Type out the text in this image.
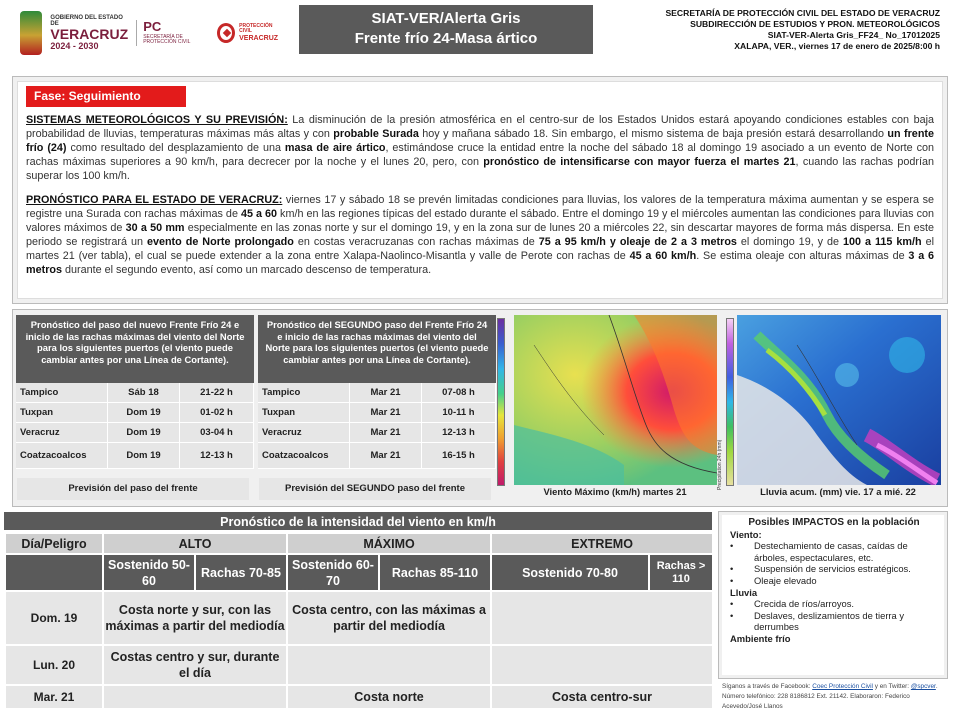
GOBIERNO DEL ESTADO DE
VERACRUZ
2024 - 2030
PC
SECRETARÍA DE PROTECCIÓN CIVIL
PROTECCIÓN CIVIL
VERACRUZ
SIAT-VER/Alerta Gris
Frente frío 24-Masa ártico
SECRETARÍA DE PROTECCIÓN CIVIL DEL ESTADO DE VERACRUZ
SUBDIRECCIÓN DE ESTUDIOS Y PRON. METEOROLÓGICOS
SIAT-VER-Alerta Gris_FF24_ No_17012025
XALAPA, VER., viernes 17 de enero de 2025/8:00 h
Fase: Seguimiento

SISTEMAS METEOROLÓGICOS Y SU PREVISIÓN: La disminución de la presión atmosférica en el centro-sur de los Estados Unidos estará apoyando condiciones estables con baja probabilidad de lluvias, temperaturas máximas más altas y con probable Surada hoy y mañana sábado 18. Sin embargo, el mismo sistema de baja presión estará desarrollando un frente frío (24) como resultado del desplazamiento de una masa de aire ártico, estimándose cruce la entidad entre la noche del sábado 18 al domingo 19 asociado a un evento de Norte con rachas máximas superiores a 90 km/h, para decrecer por la noche y el lunes 20, pero, con pronóstico de intensificarse con mayor fuerza el martes 21, cuando las rachas podrían superar los 100 km/h.

PRONÓSTICO PARA EL ESTADO DE VERACRUZ: viernes 17 y sábado 18 se prevén limitadas condiciones para lluvias, los valores de la temperatura máxima aumentan y se espera se registre una Surada con rachas máximas de 45 a 60 km/h en las regiones típicas del estado durante el sábado. Entre el domingo 19 y el miércoles aumentan las condiciones para lluvias con valores máximos de 30 a 50 mm especialmente en las zonas norte y sur el domingo 19, y en la zona sur de lunes 20 a miércoles 22, sin descartar mayores de forma más dispersa. En este periodo se registrará un evento de Norte prolongado en costas veracruzanas con rachas máximas de 75 a 95 km/h y oleaje de 2 a 3 metros el domingo 19, y de 100 a 115 km/h el martes 21 (ver tabla), el cual se puede extender a la zona entre Xalapa-Naolinco-Misantla y valle de Perote con rachas de 45 a 60 km/h. Se estima oleaje con alturas máximas de 3 a 6 metros durante el segundo evento, así como un marcado descenso de temperatura.

Pronóstico del paso del nuevo Frente Frío 24 e inicio de las rachas máximas del viento del Norte para los siguientes puertos (el viento puede cambiar antes por una Línea de Cortante).
Tampico	Sáb 18	21-22 h
Tuxpan	Dom 19	01-02 h
Veracruz	Dom 19	03-04 h
Coatzacoalcos	Dom 19	12-13 h
Previsión del paso del frente
Pronóstico del SEGUNDO paso del Frente Frío 24 e inicio de las rachas máximas del viento del Norte para los siguientes puertos (el viento puede cambiar antes por una Línea de Cortante).
Tampico	Mar 21	07-08 h
Tuxpan	Mar 21	10-11 h
Veracruz	Mar 21	12-13 h
Coatzacoalcos	Mar 21	16-15 h
Previsión del SEGUNDO paso del frente	Viento Máximo (km/h) martes 21
Precipitation 24h (mm)
Lluvia acum. (mm) vie. 17 a mié. 22
Pronóstico de la intensidad del viento en km/h
Día/Peligro	ALTO		MÁXIMO		EXTREMO	
	Sostenido 50-60	Rachas 70-85	Sostenido 60-70	Rachas 85-110	Sostenido 70-80	Rachas > 110
Dom. 19	Costa norte y sur, con las máximas a partir del mediodía		Costa centro, con las máximas a partir del mediodía			
Lun. 20	Costas centro y sur, durante el día					
Mar. 21			Costa norte		Costa centro-sur	
Posibles IMPACTOS en la población
Viento:
• Destechamiento de casas, caídas de árboles, espectaculares, etc.
• Suspensión de servicios estratégicos.
• Oleaje elevado
Lluvia
• Crecida de ríos/arroyos.
• Deslaves, deslizamientos de tierra y derrumbes
Ambiente frío
Síganos a través de Facebook: Coec Protección Civil y en Twitter: @spcver. Número telefónico: 228 8186812 Ext. 21142. Elaboraron: Federico Acevedo/José Llanos
